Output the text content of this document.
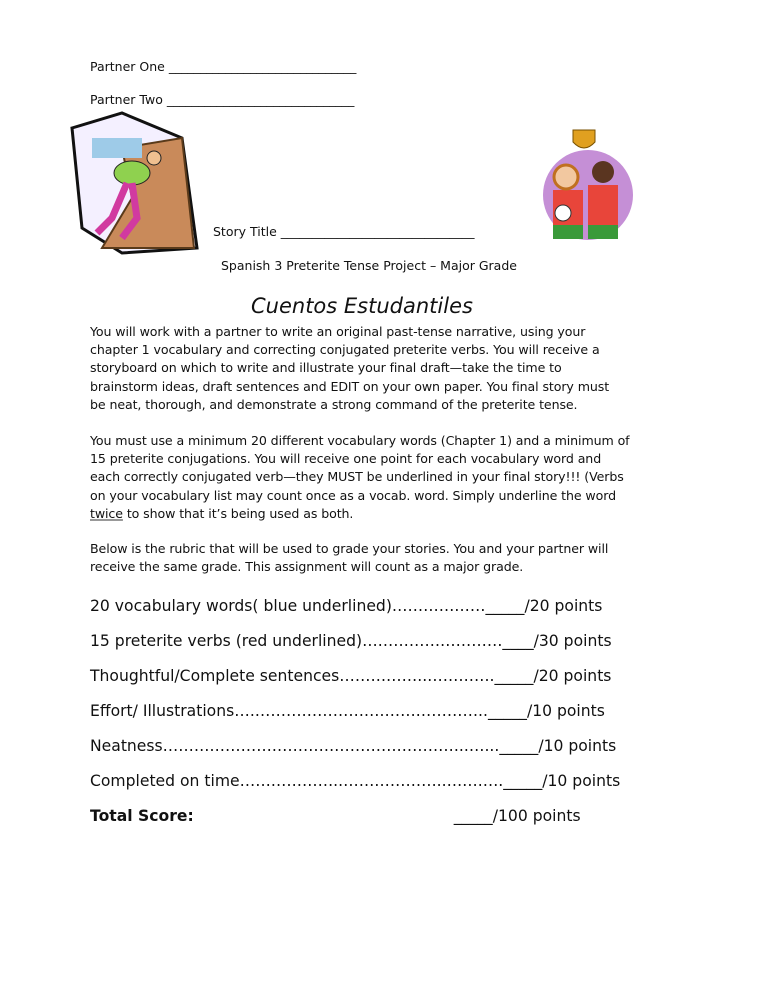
Partner One ______________________________
Partner Two ______________________________
Story Title _______________________________
Spanish 3 Preterite Tense Project – Major Grade
Cuentos Estudantiles
You will work with a partner to write an original past-tense narrative, using your
chapter 1 vocabulary and correcting conjugated preterite verbs. You will receive a
storyboard on which to write and illustrate your final draft—take the time to
brainstorm ideas, draft sentences and EDIT on your own paper. You final story must
be neat, thorough, and demonstrate a strong command of the preterite tense.
You must use a minimum 20 different vocabulary words (Chapter 1) and a minimum of
15 preterite conjugations. You will receive one point for each vocabulary word and
each correctly conjugated verb—they MUST be underlined in your final story!!! (Verbs
on your vocabulary list may count once as a vocab. word. Simply underline the word
twice to show that it’s being used as both.
Below is the rubric that will be used to grade your stories. You and your partner will
receive the same grade. This assignment will count as a major grade.
20 vocabulary words( blue underlined)………………_____/20 points
15 preterite verbs (red underlined)………………………____/30 points
Thoughtful/Complete sentences……………..…………._____/20 points
Effort/ Illustrations….…………………….……………….._____/10 points
Neatness…………………………………………………..…..._____/10 points
Completed on time………………..………………..…….…._____/10 points
Total Score:	_____/100 points
